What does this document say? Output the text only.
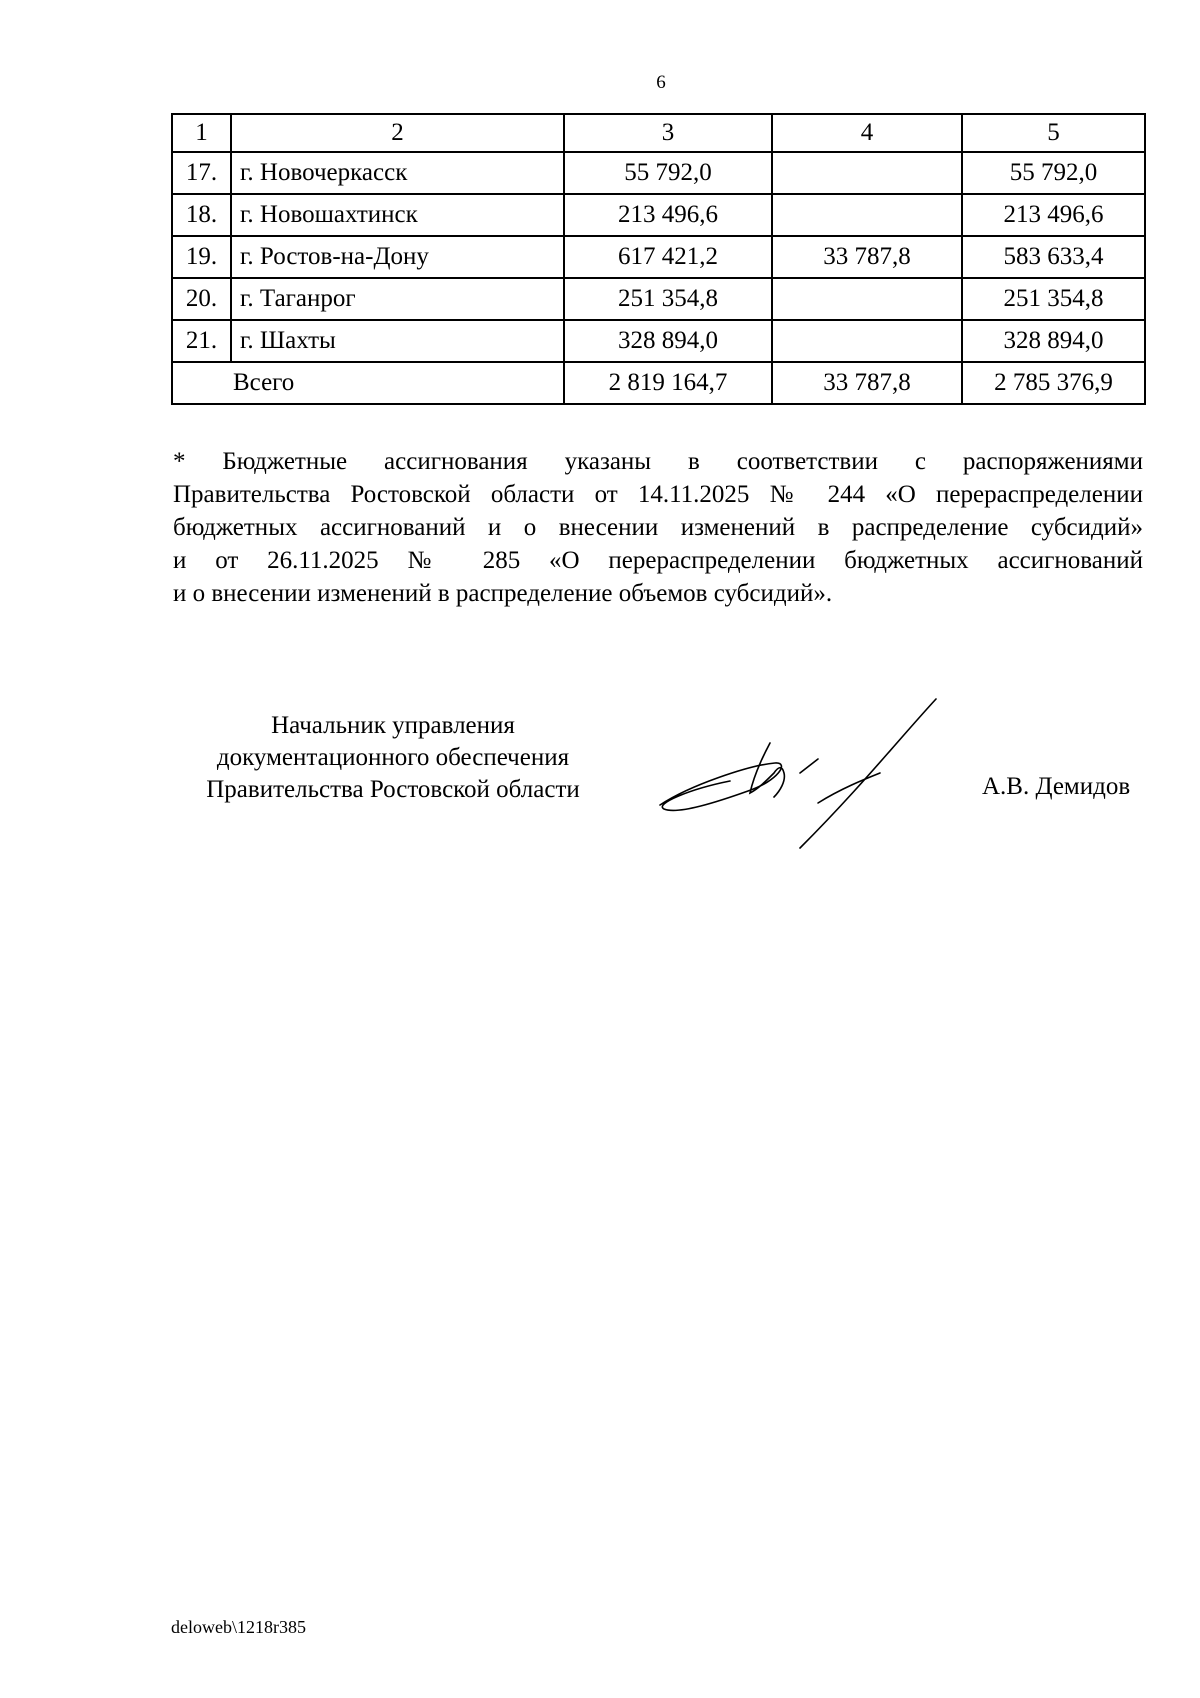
6
1	2	3	4	5
17.	г. Новочеркасск	55 792,0		55 792,0
18.	г. Новошахтинск	213 496,6		213 496,6
19.	г. Ростов-на-Дону	617 421,2	33 787,8	583 633,4
20.	г. Таганрог	251 354,8		251 354,8
21.	г. Шахты	328 894,0		328 894,0
Всего		2 819 164,7	33 787,8	2 785 376,9
* Бюджетные ассигнования указаны в соответствии с распоряжениями
Правительства Ростовской области от 14.11.2025 № 244 «О перераспределении
бюджетных ассигнований и о внесении изменений в распределение субсидий»
и от 26.11.2025 № 285 «О перераспределении бюджетных ассигнований
и о внесении изменений в распределение объемов субсидий».
Начальник управления
документационного обеспечения
Правительства Ростовской области	А.В. Демидов
deloweb\1218r385
